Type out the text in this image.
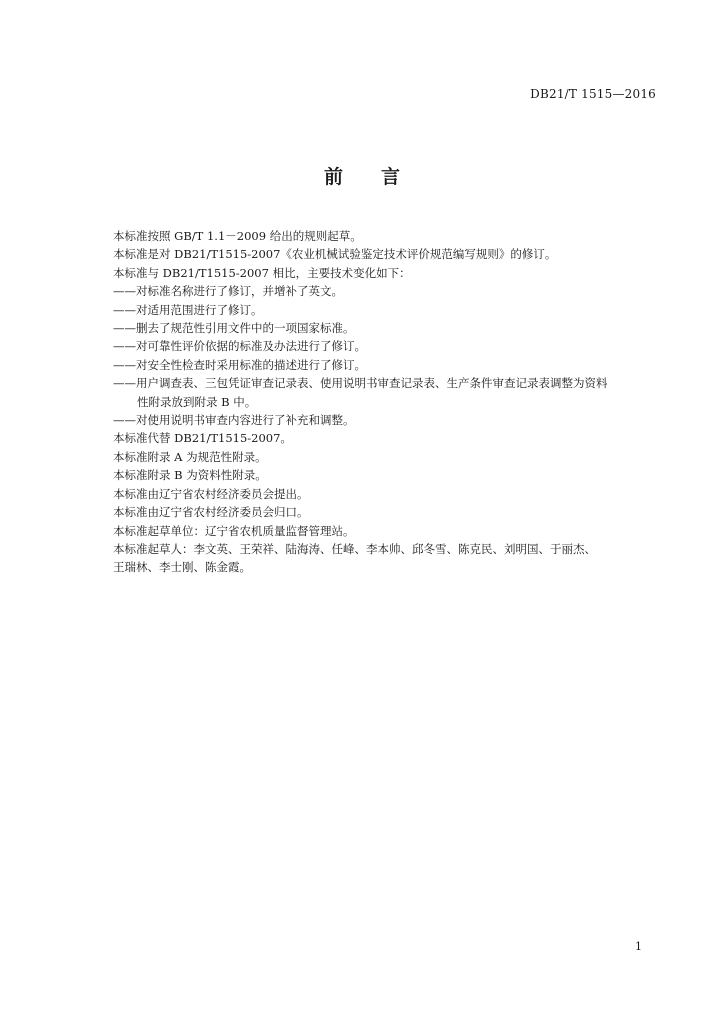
DB21/T 1515—2016
前言

本标准按照 GB/T 1.1－2009 给出的规则起草。

本标准是对 DB21/T1515-2007《农业机械试验鉴定技术评价规范编写规则》的修订。

本标准与 DB21/T1515-2007 相比，主要技术变化如下：

——对标准名称进行了修订，并增补了英文。

——对适用范围进行了修订。

——删去了规范性引用文件中的一项国家标准。

——对可靠性评价依据的标准及办法进行了修订。

——对安全性检查时采用标准的描述进行了修订。

——用户调查表、三包凭证审查记录表、使用说明书审查记录表、生产条件审查记录表调整为资料

性附录放到附录 B 中。

——对使用说明书审查内容进行了补充和调整。

本标准代替 DB21/T1515-2007。

本标准附录 A 为规范性附录。

本标准附录 B 为资料性附录。

本标准由辽宁省农村经济委员会提出。

本标准由辽宁省农村经济委员会归口。

本标准起草单位：辽宁省农机质量监督管理站。

本标准起草人：李文英、王荣祥、陆海涛、任峰、李本帅、邱冬雪、陈克民、刘明国、于丽杰、

王瑞林、李士刚、陈金霞。

1
